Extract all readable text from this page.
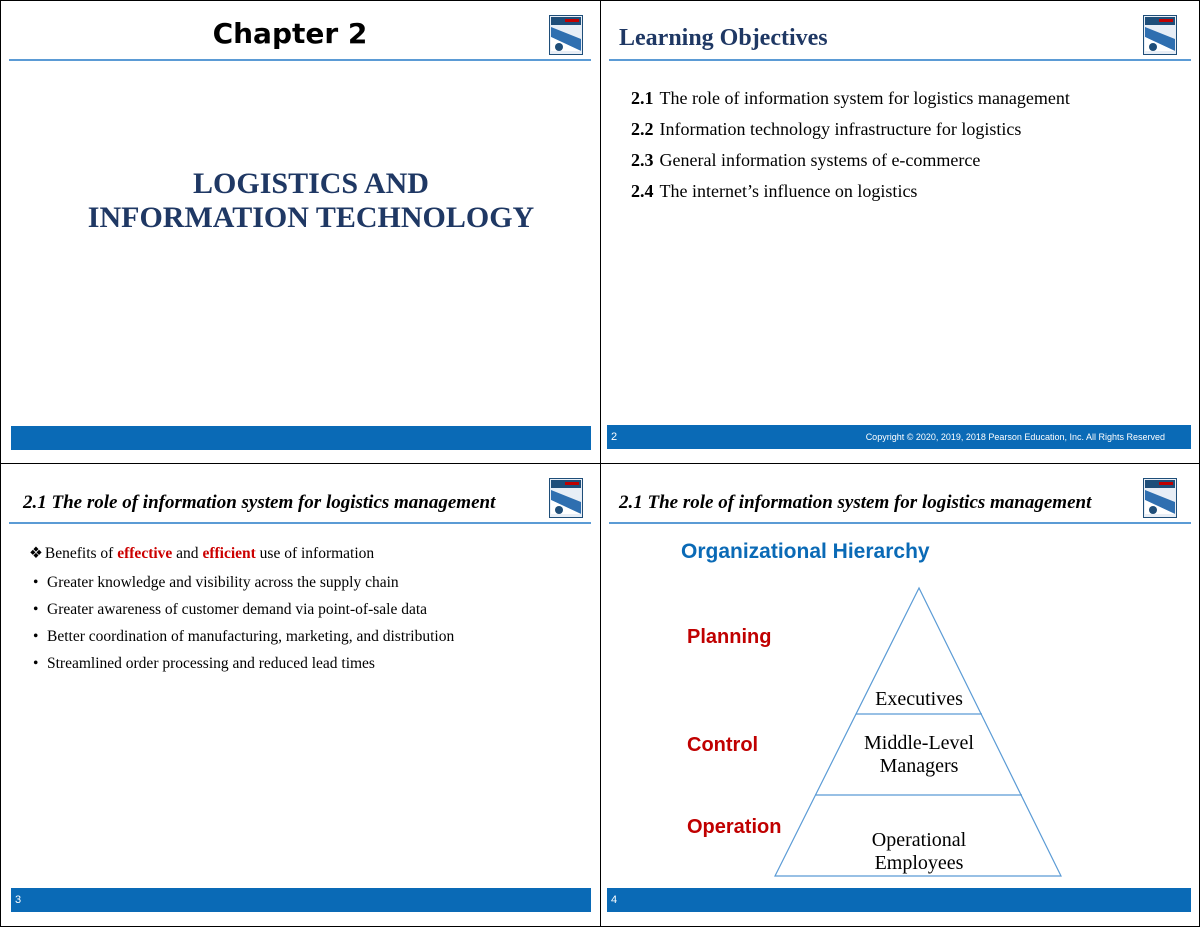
Chapter 2
LOGISTICS AND
INFORMATION TECHNOLOGY
Learning Objectives
2.1 The role of information system for logistics management
2.2 Information technology infrastructure for logistics
2.3 General information systems of e-commerce
2.4 The internet’s influence on logistics
2	Copyright © 2020, 2019, 2018 Pearson Education, Inc. All Rights Reserved
2.1 The role of information system for logistics management
❖ Benefits of effective and efficient use of information
• Greater knowledge and visibility across the supply chain
• Greater awareness of customer demand via point-of-sale data
• Better coordination of manufacturing, marketing, and distribution
• Streamlined order processing and reduced lead times
3
2.1 The role of information system for logistics management
Organizational Hierarchy
Planning
Control
Operation
Executives
Middle-Level
Managers
Operational
Employees
4
